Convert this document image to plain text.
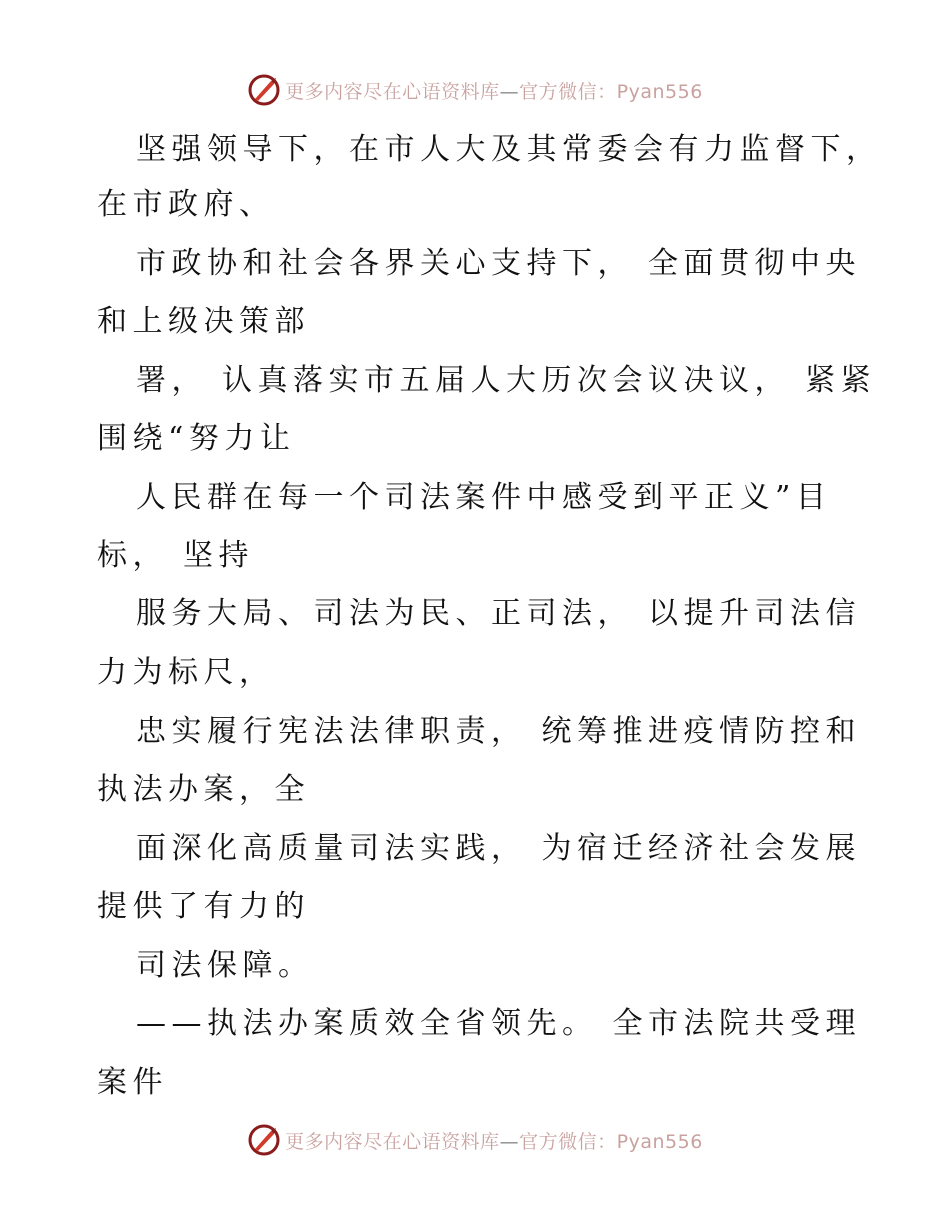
更多内容尽在心语资料库—官方微信：Pyan556
坚强领导下，在市人大及其常委会有力监督下，
在市政府、
市政协和社会各界关心支持下， 全面贯彻中央
和上级决策部
署， 认真落实市五届人大历次会议决议， 紧紧
围绕“努力让
人民群在每一个司法案件中感受到平正义”目
标， 坚持
服务大局、司法为民、正司法， 以提升司法信
力为标尺，
忠实履行宪法法律职责， 统筹推进疫情防控和
执法办案，全
面深化高质量司法实践， 为宿迁经济社会发展
提供了有力的
司法保障。
——执法办案质效全省领先。 全市法院共受理
案件
更多内容尽在心语资料库—官方微信：Pyan556
